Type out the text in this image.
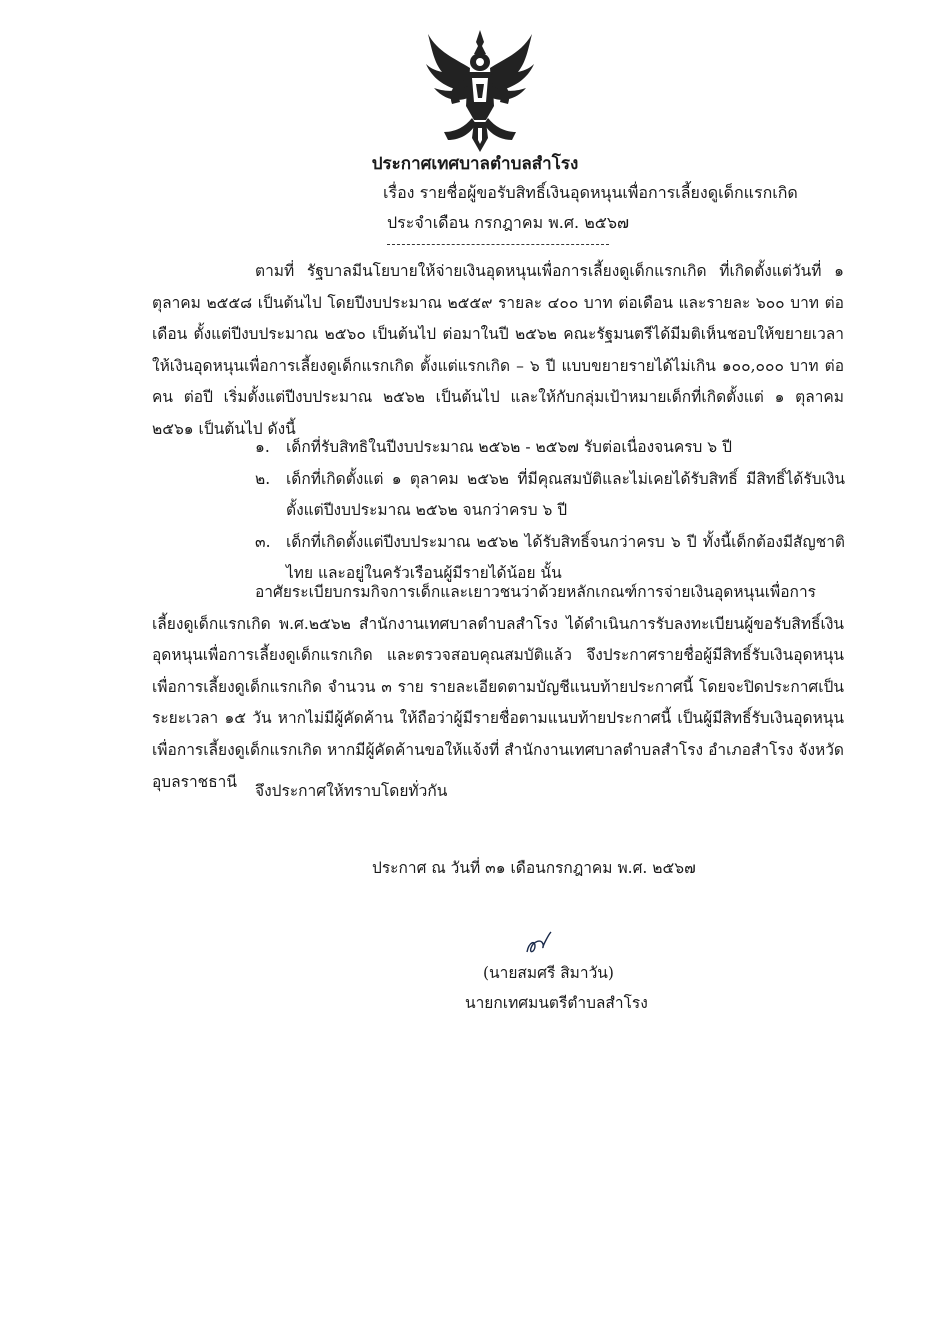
ประกาศเทศบาลตำบลสำโรง
เรื่อง รายชื่อผู้ขอรับสิทธิ์เงินอุดหนุนเพื่อการเลี้ยงดูเด็กแรกเกิด
ประจำเดือน กรกฎาคม พ.ศ. ๒๕๖๗

ตามที่ รัฐบาลมีนโยบายให้จ่ายเงินอุดหนุนเพื่อการเลี้ยงดูเด็กแรกเกิด ที่เกิดตั้งแต่วันที่ ๑ ตุลาคม ๒๕๕๘ เป็นต้นไป โดยปีงบประมาณ ๒๕๕๙ รายละ ๔๐๐ บาท ต่อเดือน และรายละ ๖๐๐ บาท ต่อเดือน ตั้งแต่ปีงบประมาณ ๒๕๖๐ เป็นต้นไป ต่อมาในปี ๒๕๖๒ คณะรัฐมนตรีได้มีมติเห็นชอบให้ขยายเวลาให้เงินอุดหนุนเพื่อการเลี้ยงดูเด็กแรกเกิด ตั้งแต่แรกเกิด – ๖ ปี แบบขยายรายได้ไม่เกิน ๑๐๐,๐๐๐ บาท ต่อคน ต่อปี เริ่มตั้งแต่ปีงบประมาณ ๒๕๖๒ เป็นต้นไป และให้กับกลุ่มเป้าหมายเด็กที่เกิดตั้งแต่ ๑ ตุลาคม ๒๕๖๑ เป็นต้นไป ดังนี้

๑. เด็กที่รับสิทธิในปีงบประมาณ ๒๕๖๒ - ๒๕๖๗ รับต่อเนื่องจนครบ ๖ ปี
๒. เด็กที่เกิดตั้งแต่ ๑ ตุลาคม ๒๕๖๒ ที่มีคุณสมบัติและไม่เคยได้รับสิทธิ์ มีสิทธิ์ได้รับเงินตั้งแต่ปีงบประมาณ ๒๕๖๒ จนกว่าครบ ๖ ปี
๓. เด็กที่เกิดตั้งแต่ปีงบประมาณ ๒๕๖๒ ได้รับสิทธิ์จนกว่าครบ ๖ ปี ทั้งนี้เด็กต้องมีสัญชาติไทย และอยู่ในครัวเรือนผู้มีรายได้น้อย นั้น

อาศัยระเบียบกรมกิจการเด็กและเยาวชนว่าด้วยหลักเกณฑ์การจ่ายเงินอุดหนุนเพื่อการเลี้ยงดูเด็กแรกเกิด พ.ศ.๒๕๖๒ สำนักงานเทศบาลตำบลสำโรง ได้ดำเนินการรับลงทะเบียนผู้ขอรับสิทธิ์เงินอุดหนุนเพื่อการเลี้ยงดูเด็กแรกเกิด และตรวจสอบคุณสมบัติแล้ว จึงประกาศรายชื่อผู้มีสิทธิ์รับเงินอุดหนุนเพื่อการเลี้ยงดูเด็กแรกเกิด จำนวน ๓ ราย รายละเอียดตามบัญชีแนบท้ายประกาศนี้ โดยจะปิดประกาศเป็นระยะเวลา ๑๕ วัน หากไม่มีผู้คัดค้าน ให้ถือว่าผู้มีรายชื่อตามแนบท้ายประกาศนี้ เป็นผู้มีสิทธิ์รับเงินอุดหนุนเพื่อการเลี้ยงดูเด็กแรกเกิด หากมีผู้คัดค้านขอให้แจ้งที่ สำนักงานเทศบาลตำบลสำโรง อำเภอสำโรง จังหวัดอุบลราชธานี

จึงประกาศให้ทราบโดยทั่วกัน
ประกาศ ณ วันที่ ๓๑ เดือนกรกฎาคม พ.ศ. ๒๕๖๗
(นายสมศรี สิมาวัน)
นายกเทศมนตรีตำบลสำโรง
